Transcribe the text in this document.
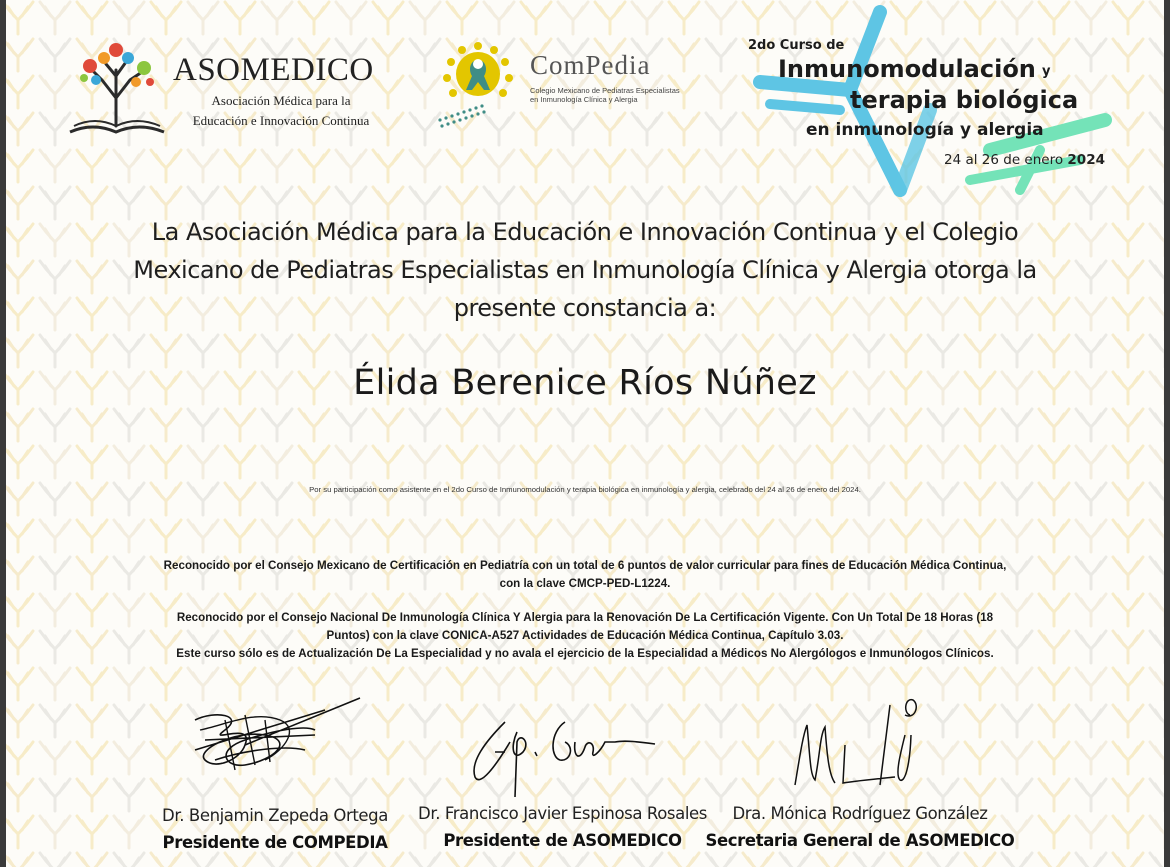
ASOMEDICO
Asociación Médica para la
Educación e Innovación Continua
ComPedia
Colegio Mexicano de Pediatras Especialistas
en Inmunología Clínica y Alergia
2do Curso de
Inmunomodulación y
terapia biológica
en inmunología y alergia
24 al 26 de enero 2024
La Asociación Médica para la Educación e Innovación Continua y el Colegio
Mexicano de Pediatras Especialistas en Inmunología Clínica y Alergia otorga la
presente constancia a:
Élida Berenice Ríos Núñez
Por su participación como asistente en el 2do Curso de Inmunomodulación y terapia biológica en inmunología y alergia, celebrado del 24 al 26 de enero del 2024.
Reconocido por el Consejo Mexicano de Certificación en Pediatría con un total de 6 puntos de valor curricular para fines de Educación Médica Continua,
con la clave CMCP-PED-L1224.
Reconocido por el Consejo Nacional De Inmunología Clínica Y Alergia para la Renovación De La Certificación Vigente. Con Un Total De 18 Horas (18
Puntos) con la clave CONICA-A527 Actividades de Educación Médica Continua, Capítulo 3.03.
Este curso sólo es de Actualización De La Especialidad y no avala el ejercicio de la Especialidad a Médicos No Alergólogos e Inmunólogos Clínicos.
Dr. Benjamin Zepeda Ortega
Presidente de COMPEDIA
Dr. Francisco Javier Espinosa Rosales
Presidente de ASOMEDICO
Dra. Mónica Rodríguez González
Secretaria General de ASOMEDICO
